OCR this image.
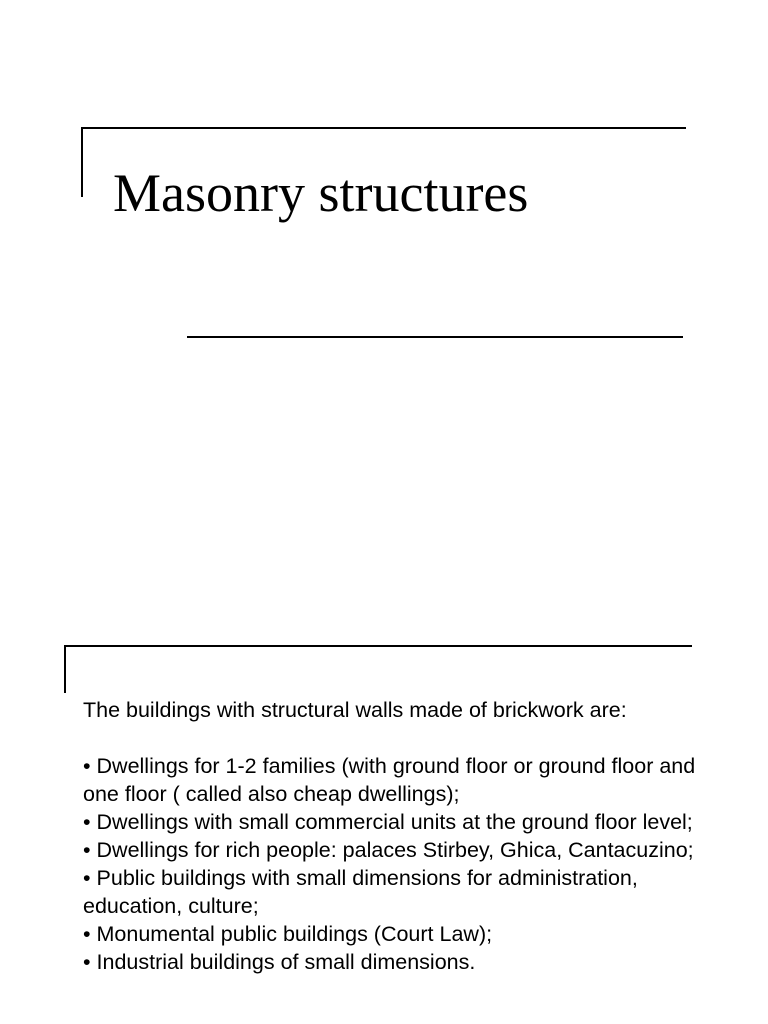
Masonry structures

The buildings with structural walls made of brickwork are:

• Dwellings for 1-2 families (with ground floor or ground floor and one floor ( called also cheap dwellings);
• Dwellings with small commercial units at the ground floor level;
• Dwellings for rich people: palaces Stirbey, Ghica, Cantacuzino;
• Public buildings with small dimensions for administration, education, culture;
• Monumental public buildings (Court Law);
• Industrial buildings of small dimensions.
